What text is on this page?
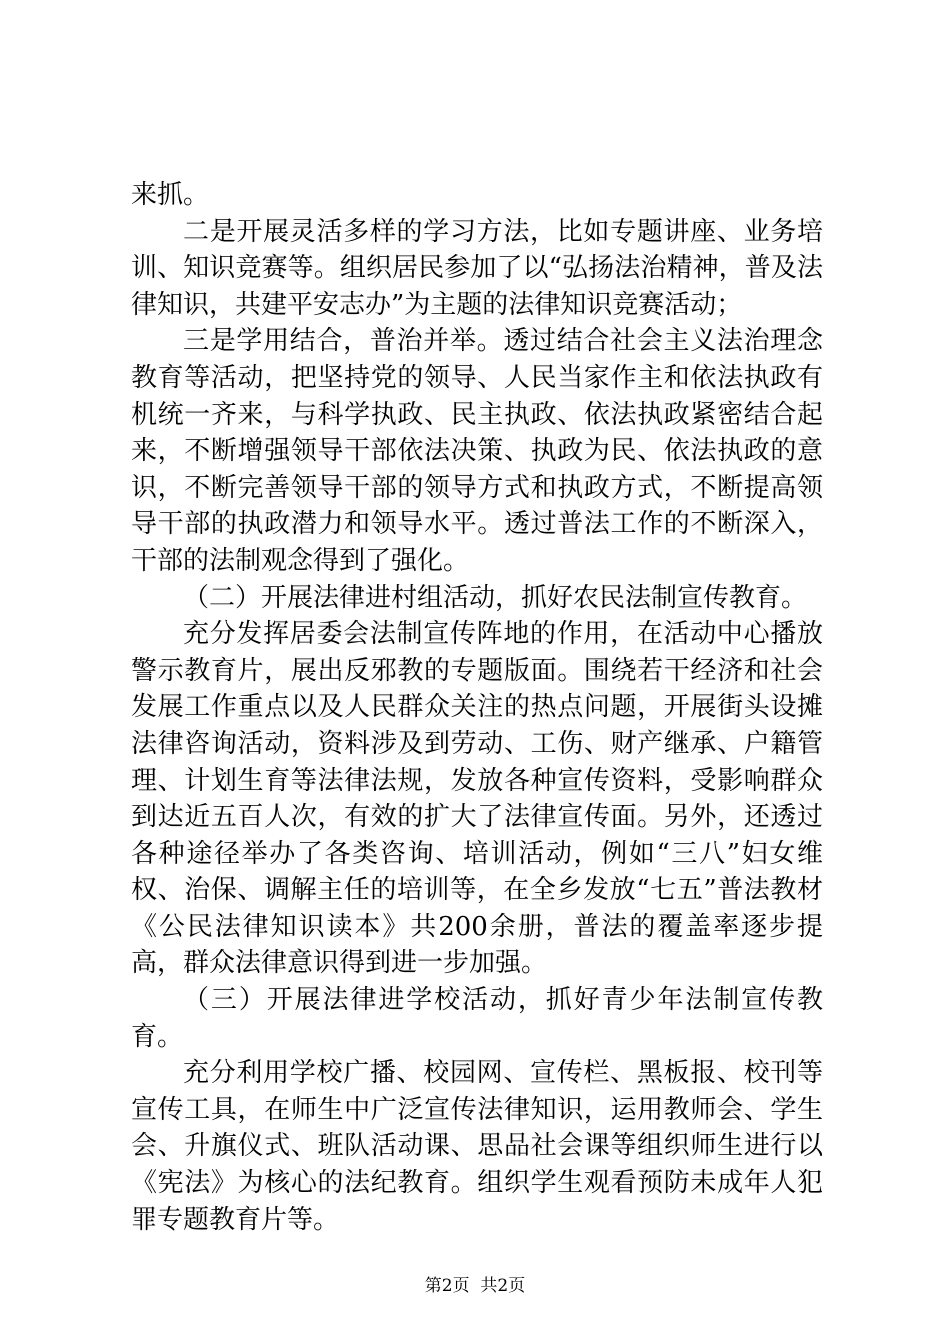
来抓。

二是开展灵活多样的学习方法，比如专题讲座、业务培训、知识竞赛等。组织居民参加了以“弘扬法治精神，普及法律知识，共建平安志办”为主题的法律知识竞赛活动；

三是学用结合，普治并举。透过结合社会主义法治理念教育等活动，把坚持党的领导、人民当家作主和依法执政有机统一齐来，与科学执政、民主执政、依法执政紧密结合起来，不断增强领导干部依法决策、执政为民、依法执政的意识，不断完善领导干部的领导方式和执政方式，不断提高领导干部的执政潜力和领导水平。透过普法工作的不断深入，干部的法制观念得到了强化。

（二）开展法律进村组活动，抓好农民法制宣传教育。

充分发挥居委会法制宣传阵地的作用，在活动中心播放警示教育片，展出反邪教的专题版面。围绕若干经济和社会发展工作重点以及人民群众关注的热点问题，开展街头设摊法律咨询活动，资料涉及到劳动、工伤、财产继承、户籍管理、计划生育等法律法规，发放各种宣传资料，受影响群众到达近五百人次，有效的扩大了法律宣传面。另外，还透过各种途径举办了各类咨询、培训活动，例如“三八”妇女维权、治保、调解主任的培训等，在全乡发放“七五”普法教材《公民法律知识读本》共200余册，普法的覆盖率逐步提高，群众法律意识得到进一步加强。

（三）开展法律进学校活动，抓好青少年法制宣传教育。

充分利用学校广播、校园网、宣传栏、黑板报、校刊等宣传工具，在师生中广泛宣传法律知识，运用教师会、学生会、升旗仪式、班队活动课、思品社会课等组织师生进行以《宪法》为核心的法纪教育。组织学生观看预防未成年人犯罪专题教育片等。

第2页  共2页
